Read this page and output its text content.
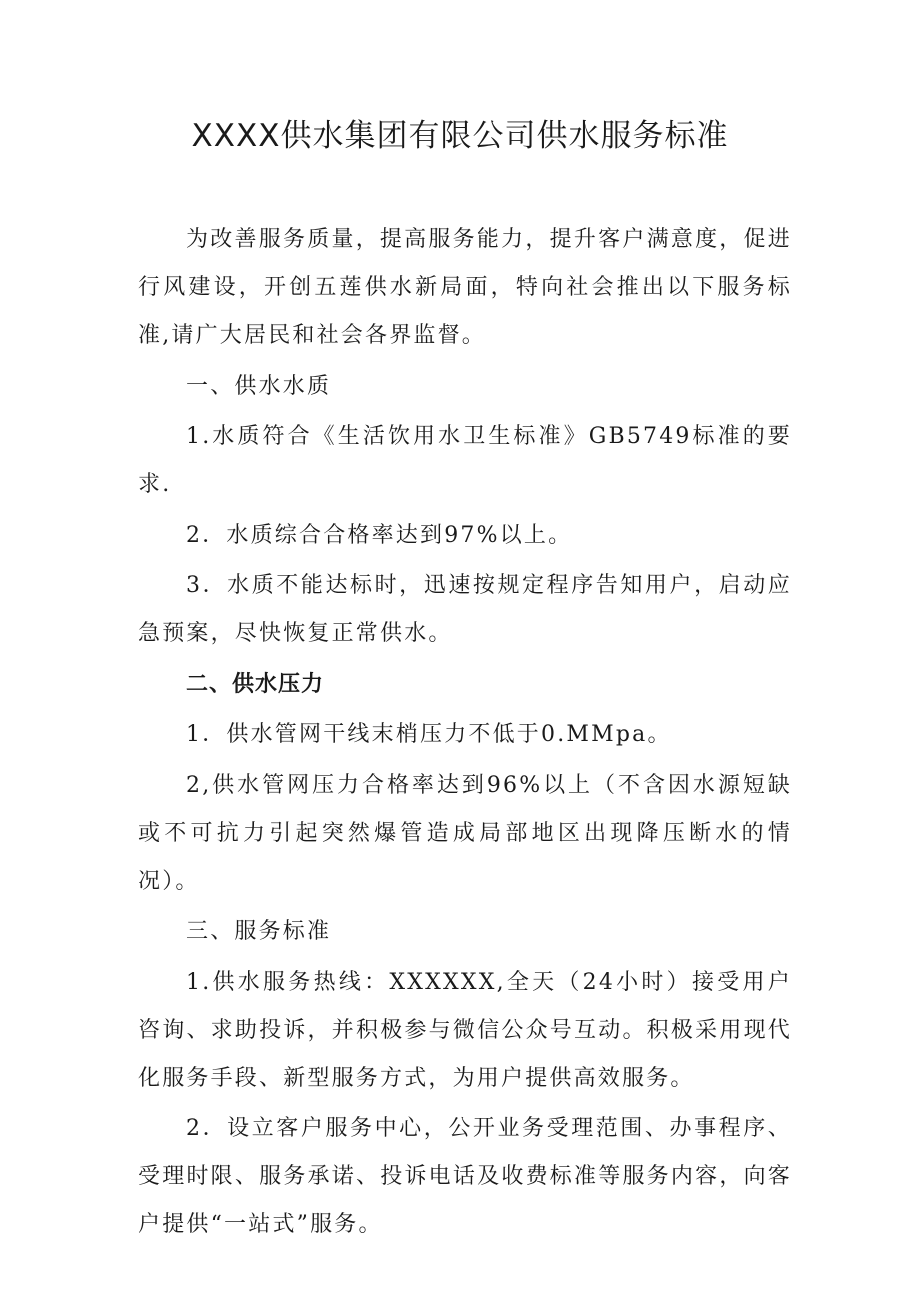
XXXX供水集团有限公司供水服务标准

为改善服务质量，提高服务能力，提升客户满意度，促进行风建设，开创五莲供水新局面，特向社会推出以下服务标准,请广大居民和社会各界监督。

一、供水水质

1.水质符合《生活饮用水卫生标准》GB5749标准的要求.

2．水质综合合格率达到97%以上。

3．水质不能达标时，迅速按规定程序告知用户，启动应急预案，尽快恢复正常供水。

二、供水压力

1．供水管网干线末梢压力不低于0.MMpa。

2,供水管网压力合格率达到96%以上（不含因水源短缺或不可抗力引起突然爆管造成局部地区出现降压断水的情况）。

三、服务标准

1.供水服务热线：XXXXXX,全天（24小时）接受用户咨询、求助投诉，并积极参与微信公众号互动。积极采用现代化服务手段、新型服务方式，为用户提供高效服务。

2．设立客户服务中心，公开业务受理范围、办事程序、受理时限、服务承诺、投诉电话及收费标准等服务内容，向客户提供“一站式”服务。
